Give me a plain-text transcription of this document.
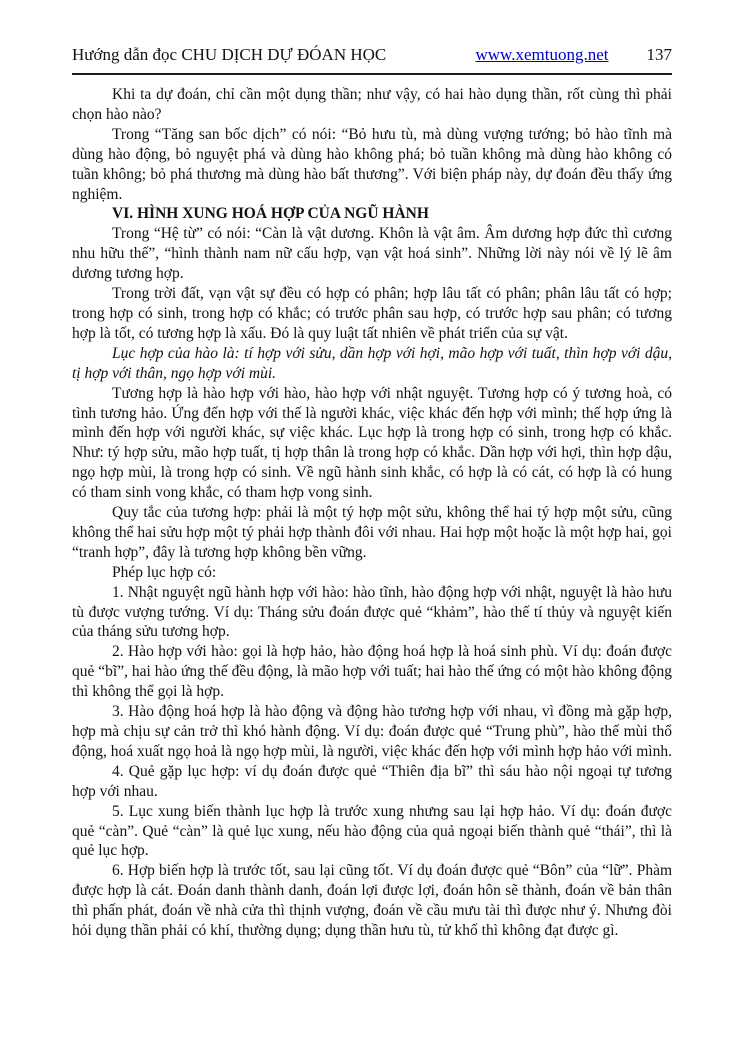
Hướng dẫn đọc CHU DỊCH DỰ ĐÓAN HỌC	www.xemtuong.net 137

Khi ta dự đoán, chỉ cần một dụng thần; như vậy, có hai hào dụng thần, rốt cùng thì phải chọn hào nào?

Trong “Tăng san bốc dịch” có nói: “Bỏ hưu tù, mà dùng vượng tướng; bỏ hào tĩnh mà dùng hào động, bỏ nguyệt phá và dùng hào không phá; bỏ tuần không mà dùng hào không có tuần không; bỏ phá thương mà dùng hào bất thương”. Với biện pháp này, dự đoán đều thấy ứng nghiệm.

VI. HÌNH XUNG HOÁ HỢP CỦA NGŨ HÀNH

Trong “Hệ từ” có nói: “Càn là vật dương. Khôn là vật âm. Âm dương hợp đức thì cương nhu hữu thế”, “hình thành nam nữ cấu hợp, vạn vật hoá sinh”. Những lời này nói về lý lẽ âm dương tương hợp.

Trong trời đất, vạn vật sự đều có hợp có phân; hợp lâu tất có phân; phân lâu tất có hợp; trong hợp có sinh, trong hợp có khắc; có trước phân sau hợp, có trước hợp sau phân; có tương hợp là tốt, có tương hợp là xấu. Đó là quy luật tất nhiên về phát triển của sự vật.

Lục hợp của hào là: tí hợp với sửu, dần hợp với hợi, mão hợp với tuất, thìn hợp với dậu, tị hợp với thân, ngọ hợp với mùi.

Tương hợp là hào hợp với hào, hào hợp với nhật nguyệt. Tương hợp có ý tương hoà, có tình tương hảo. Ứng đến hợp với thế là người khác, việc khác đến hợp với mình; thế hợp ứng là mình đến hợp với người khác, sự việc khác. Lục hợp là trong hợp có sinh, trong hợp có khắc. Như: tý hợp sửu, mão hợp tuất, tị hợp thân là trong hợp có khắc. Dần hợp với hợi, thìn hợp dậu, ngọ hợp mùi, là trong hợp có sinh. Về ngũ hành sinh khắc, có hợp là có cát, có hợp là có hung có tham sinh vong khắc, có tham hợp vong sinh.

Quy tắc của tương hợp: phải là một tý hợp một sửu, không thể hai tý hợp một sửu, cũng không thể hai sửu hợp một tý phải hợp thành đôi với nhau. Hai hợp một hoặc là một hợp hai, gọi “tranh hợp”, đây là tương hợp không bền vững.

Phép lục hợp có:

1. Nhật nguyệt ngũ hành hợp với hào: hào tĩnh, hào động hợp với nhật, nguyệt là hào hưu tù được vượng tướng. Ví dụ: Tháng sửu đoán được quẻ “khảm”, hào thế tí thủy và nguyệt kiến của tháng sửu tương hợp.

2. Hào hợp với hào: gọi là hợp hảo, hào động hoá hợp là hoá sinh phù. Ví dụ: đoán được quẻ “bĩ”, hai hào ứng thế đều động, là mão hợp với tuất; hai hào thế ứng có một hào không động thì không thể gọi là hợp.

3. Hào động hoá hợp là hào động và động hào tương hợp với nhau, vì đồng mà gặp hợp, hợp mà chịu sự cản trở thì khó hành động. Ví dụ: đoán được quẻ “Trung phù”, hào thế mùi thổ động, hoá xuất ngọ hoả là ngọ hợp mùi, là người, việc khác đến hợp với mình hợp hảo với mình.

4. Quẻ gặp lục hợp: ví dụ đoán được quẻ “Thiên địa bĩ” thì sáu hào nội ngoại tự tương hợp với nhau.

5. Lục xung biến thành lục hợp là trước xung nhưng sau lại hợp hảo. Ví dụ: đoán được quẻ “càn”. Quẻ “càn” là quẻ lục xung, nếu hào động của quả ngoại biến thành quẻ “thái”, thì là quẻ lục hợp.

6. Hợp biến hợp là trước tốt, sau lại cũng tốt. Ví dụ đoán được quẻ “Bôn” của “lữ”. Phàm được hợp là cát. Đoán danh thành danh, đoán lợi được lợi, đoán hôn sẽ thành, đoán về bản thân thì phấn phát, đoán về nhà cửa thì thịnh vượng, đoán về cầu mưu tài thì được như ý. Nhưng đòi hỏi dụng thần phải có khí, thường dụng; dụng thần hưu tù, tử khố thì không đạt được gì.
